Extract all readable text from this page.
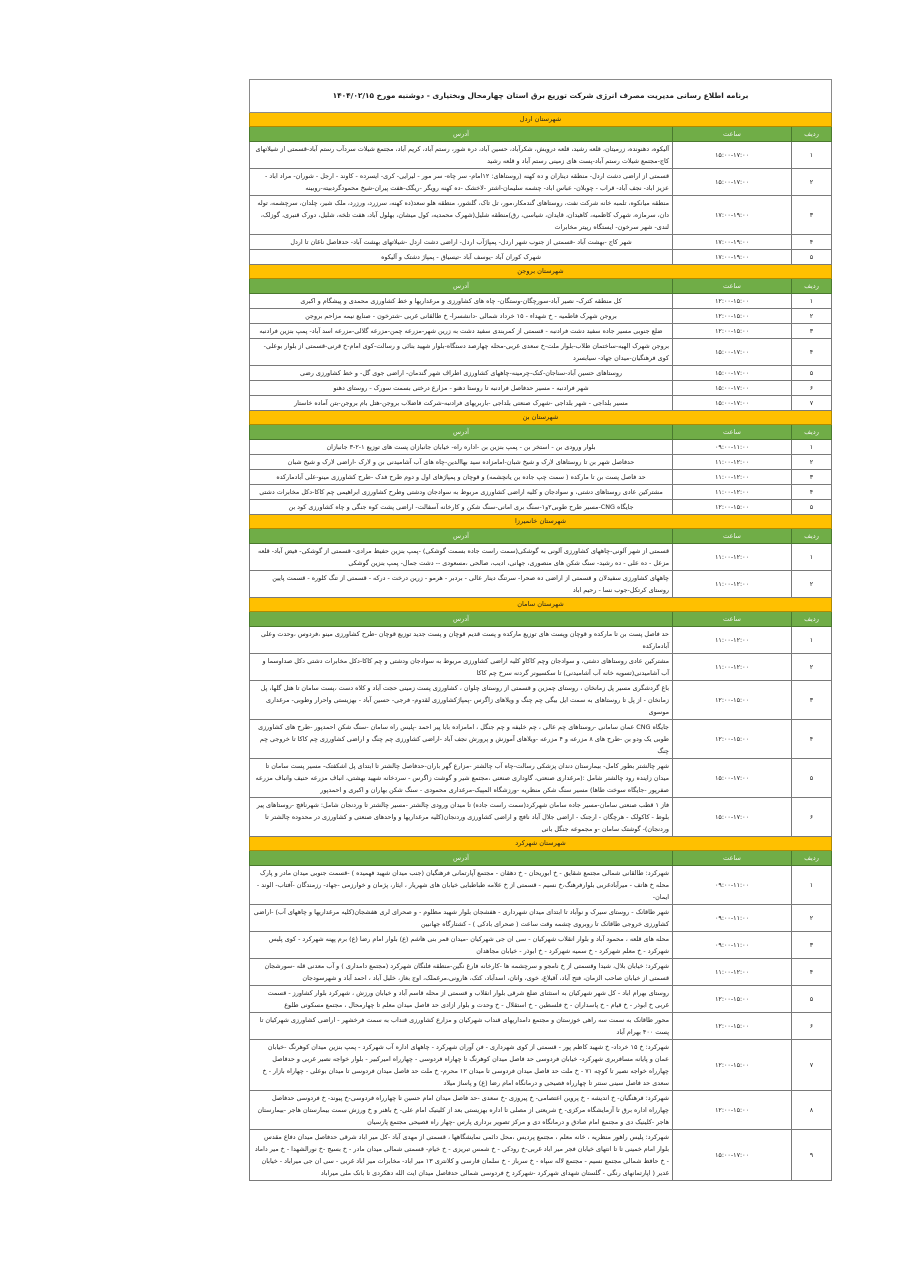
برنامه اطلاع رسانی مدیریت مصرف انرژی شرکت توزیع برق استان چهارمحال وبختیاری - دوشنبه مورخ ۱۴۰۴/۰۲/۱۵		
شهرستان اردل		
ردیف	ساعت	آدرس
۱	۱۵:۰۰-۱۷:۰۰	آلیکوه، دهنونده، زرمیتان، قلعه رشید، قلعه درویش، شکرآباد، حسین آباد، دره شور، رستم آباد، کریم آباد، مجتمع شیلات سردآب رستم آباد-قسمتی از شیلاتهای کاج-مجتمع شیلات رستم آباد-پست های زمینی رستم آباد و قلعه رشید
۲	۱۵:۰۰-۱۷:۰۰	قسمتی از اراضی دشت اردل- منطقه دیناران و ده کهنه (روستاهای: ۱۲امام- سر چاه- سر مور - لیرایی- کری- ایسرده - کاوند - ارجل - شوران- مراد اباد - عزیز اباد- نجف آباد- قراب - چوبلان- عباس اباد- چشمه سلیمان-اشتر -لاخشک -ده کهنه رویگر -ریگک-هفت پیران-شیخ محمودگردبیته-روبینه
۳	۱۷:۰۰-۱۹:۰۰	منطقه میانکوه، تلمبه خانه شرکت نفت، روستاهای گندمکار،مور، تل تاک، گلشور، منطقه هلو سعد(ده کهنه، سرزرد، ورزرد، ملک شیر، چلدان، سرچشمه، توله دان، سرمازه، شهرک کاظمیه، کاهیدان، قایدان، شیاسی، رق)منطقه شلیل(شهرک محمدیه، کول میشان، بهلول آباد، هفت تلخه، شلیل، دورک قنبری، گوزلک، لندی- شهر سرخون- ایستگاه رپیتر مخابرات
۴	۱۷:۰۰-۱۹:۰۰	شهر کاج -بهشت آباد -قسمتی از جنوب شهر اردل- پمپاژآب اردل- اراضی دشت اردل -شیلاتهای بهشت آباد- حدفاصل ناغان تا اردل
۵	۱۷:۰۰-۱۹:۰۰	شهرک کوران آباد -یوسف آباد -تیسیاق - پمپاژ دشتک و آلیکوه
شهرستان بروجن		
ردیف	ساعت	آدرس
۱	۱۲:۰۰-۱۵:۰۰	کل منطقه کترک- نصیر آباد-سورچگان-وستگان- چاه های کشاورزی و مرغداریها و خط کشاورزی محمدی و پیشگام و اکبری
۲	۱۲:۰۰-۱۵:۰۰	بروجن شهرک فاطمیه - خ شهداء - ۱۵ خرداد شمالی -دانشسرا- خ طالقانی غربی -شترخون - صنایع نیمه مزاحم بروجن
۳	۱۲:۰۰-۱۵:۰۰	ضلع جنوبی مسیر جاده سفید دشت فرادنبه - قسمتی از کمربندی سفید دشت به زرین شهر-مزرعه چمن-مزرعه گلالی-مزرعه اسد آباد- پمپ بنزین فرادنبه
۴	۱۵:۰۰-۱۷:۰۰	بروجن شهرک الهیه-ساختمان طلاب-بلوار ملت-خ سعدی غربی-محله چهارصد دستگاه-بلوار شهید بنائی و رسالت-کوی امام-خ قرنی-قسمتی از بلوار بوعلی- کوی فرهنگیان-میدان جهاد- سیابسرد
۵	۱۵:۰۰-۱۷:۰۰	روستاهای حسین آباد-سناجان-کنک-چرمینه-چاههای کشاورزی اطراف شهر گندمان- اراضی جوی گل- و خط کشاورزی رضی
۶	۱۵:۰۰-۱۷:۰۰	شهر فرادنبه - مسیر حدفاصل فرادنبه تا روستا دهنو - مزارع درختی بسمت سورک - روستای دهنو
۷	۱۵:۰۰-۱۷:۰۰	مسیر بلداجی - شهر بلداجی -شهرک صنعتی بلداجی -باربریهای فرادنبه-شرکت فاضلاب بروجن-هتل بام بروجن-بتن آماده خاستار
شهرستان بن		
ردیف	ساعت	آدرس
۱	۰۹:۰۰-۱۱:۰۰	بلوار ورودی بن - استخر بن - پمپ بنزین بن -اداره راه- خیابان جانبازان پست های توزیع ۱-۲-۳ جانبازان
۲	۱۱:۰۰-۱۲:۰۰	حدفاصل شهر بن تا روستاهای لارک و شیخ شبان-امامزاده سید بهاالدین-چاه های آب آشامیدنی بن و لارک -اراضی لارک و شیخ شبان
۳	۱۱:۰۰-۱۲:۰۰	حد فاصل پست بن تا مارکده ( سمت چپ جاده بن یانچشمه) و قوچان و پمپاژهای اول و دوم طرح فدک -طرح کشاورزی مینو-علی آبادمارکده
۴	۱۱:۰۰-۱۲:۰۰	مشترکین عادی روستاهای دشتی، و سوادجان و کلیه اراضی کشاورزی مربوط به سوادجان ودشتی وطرح کشاورزی ابراهیمی چم کاکا-دکل مخابرات دشتی
۵	۱۲:۰۰-۱۵:۰۰	جایگاه CNG-مسیر طرح طوبی۲و۱-سنگ بری امانی-سنگ شکن و کارخانه آسفالت- اراضی پشت کوه جنگی و چاه کشاورزی کود بن
شهرستان خانمیرزا		
ردیف	ساعت	آدرس
۱	۱۱:۰۰-۱۲:۰۰	قسمتی از شهر آلونی-چاههای کشاورزی آلونی به گوشکی(سمت راست جاده بسمت گوشکی) -پمپ بنزین حفیظ مرادی- قسمتی از گوشکی- فیض آباد- قلعه مزعل - ده علی - ده رشید- سنگ شکن های منصوری، جهانی، ادیب، صالحی ،مسعودی -- دشت جمال- پمپ بنزین گوشکی
۲	۱۱:۰۰-۱۲:۰۰	چاههای کشاورزی سفیدلان و قسمتی از اراضی ده صحرا- سرتنگ دینار عالی - بردبر - هرمو - زرین درخت - درکه - قسمتی از تنگ کلوره - قسمت پایین روستای کرتکل-جوب نسا - رحیم اباد
شهرستان سامان		
ردیف	ساعت	آدرس
۱	۱۱:۰۰-۱۲:۰۰	حد فاصل پست بن تا مارکده و قوچان وپست های توزیع مارکده و پست قدیم قوچان و پست جدید توزیع قوچان -طرح کشاورزی مینو ،فردوس ،وحدت وعلی آبادمارکده
۲	۱۱:۰۰-۱۲:۰۰	مشترکین عادی روستاهای دشتی، و سوادجان وچم کاکاو کلیه اراضی کشاورزی مربوط به سوادجان ودشتی و چم کاکا-دکل مخابرات دشتی دکل صداوسما و آب آشامیدنی(تسویه خانه آب آشامیدنی) تا سکسیونر گردنه سرخ چم کاکا
۳	۱۲:۰۰-۱۵:۰۰	باغ گردشگری مسیر پل زمانخان ، روستای چمزین و قسمتی از روستای چلوان ، کشاورزی پست زمینی حجت آباد و کلاه دست ،پست سامان تا هتل گلها، پل زمانخان - از پل تا روستاهای به سمت ایل بیگی چم چنگ و ویلاهای زاگرس -پمپاژکشاورزی لقدوم- فرجی- حسین آباد - بهزیستی واحرار وطوبی- مرغداری موسوی
۴	۱۲:۰۰-۱۵:۰۰	جایگاه CNG عمان سامانی -روستاهای چم عالی ، چم خلیفه و چم جنگل ، امامزاده بابا پیر احمد -پلیس راه سامان -سنگ شکن احمدپور -طرح های کشاورزی طوبی یک ودو بن -طرح های ۸ مزرعه و ۴ مزرعه -ویلاهای آموزش و پرورش نجف آباد -اراضی کشاورزی چم چنگ و اراضی کشاورزی چم کاکا تا خروجی چم چنگ
۵	۱۵:۰۰-۱۷:۰۰	شهر چالشتر بطور کامل- بیمارستان دندان پزشکی رسالت-چاه آب چالشتر -مزارع گهر باران-حدفاصل چالشتر تا ابتدای پل اشکفتک- مسیر پست سامان تا میدان زاینده رود چالشتر شامل :(مرغداری صنعتی، گاوداری صنعتی ،مجتمع شیر و گوشت زاگرس - سردخانه شهید بهشتی، انباف مزرعه حنیف وانباف مزرعه صفرپور -جایگاه سوخت طاها) مسیر سنگ شکن منظریه -ورزشگاه المپیک-مرغداری محمودی - سنگ شکن بهاران و اکبری و احمدپور
۶	۱۵:۰۰-۱۷:۰۰	فاز ۱ قطب صنعتی سامان-مسیر جاده سامان شهرکرد(سمت راست جاده) تا میدان ورودی چالشتر -مسیر چالشتر تا وردنجان شامل: شهرنافچ -روستاهای پیر بلوط - کاکولک - هرچگان - ارجنک - اراضی جلال آباد نافچ و اراضی کشاورزی وردنجان(کلیه مرغداریها و واحدهای صنعتی و کشاورزی در محدوده چالشتر تا وردنجان)- گوشتک سامان -و مجموعه جنگل بانی
شهرستان شهرکرد		
ردیف	ساعت	آدرس
۱	۰۹:۰۰-۱۱:۰۰	شهرکرد: طالقانی شمالی مجتمع شقایق - خ ابوریحان - خ دهقان - مجتمع آپارتمانی فرهنگیان (جنب میدان شهید فهمیده ) -قسمت جنوبی میدان مادر و پارک محله خ هاتف - میرآبادغربی بلوارفرهنگ،خ نسیم - قسمتی از خ علامه طباطبایی خیابان های شهریار ، ایثار، پژمان و خوارزمی -جهاد- رزمندگان -آفتاب- الوند - ایمان-
۲	۰۹:۰۰-۱۱:۰۰	شهر طاقانک - روستای سیرک و نوآباد تا ابتدای میدان شهرداری - هفشجان بلوار شهید مظلوم - و صحرای لری هفشجان(کلیه مرغداریها و چاههای آب) -اراضی کشاورزی خروجی طاقانک تا روبروی چشمه وقت ساعت ( صحرای بادکی ) - کشتارگاه جهانبین
۳	۰۹:۰۰-۱۱:۰۰	محله های قلعه ، محمود آباد و بلوار انقلاب شهرکیان - سی ان جی شهرکیان -میدان قمر بنی هاشم (ع) بلوار امام رضا (ع) برم پهنه شهرکرد - کوی پلیس شهرکرد - خ معلم شهرکرد - خ سمیه شهرکرد - خ ابوذر - خیابان مجاهدان
۴	۱۱:۰۰-۱۲:۰۰	شهرکرد: خیابان بلال، شیدا وقسمتی از خ نامجو و سرچشمه ها -کارخانه فارغ نگین-منطقه فلنگان شهرکرد (مجتمع دامداری ) و آب معدنی قله -سورشجان قسمتی از خیابان صاحب الزمان، فتح آباد، آقبلاغ، خوی، وانان، اسدآباد، کتک، هارونی،مرغملک، اوج بغاز، خلیل آباد ، احمد آباد و شهرسودجان
۵	۱۲:۰۰-۱۵:۰۰	روستای بهرام اباد - کل شهر شهرکیان به استثنای ضلع شرقی بلوار انقلاب و قسمتی از محله قاسم آباد و خیابان ورزش ، شهرکرد بلوار کشاورز - قسمت غربی خ ابوذر - خ قیام - خ پاسداران - خ فلسطین - خ استقلال - خ وحدت و بلوار ازادی حد فاصل میدان معلم تا چهارمحال ، مجتمع مسکونی طلوع
۶	۱۲:۰۰-۱۵:۰۰	محور طاقانک به سمت سه راهی خوزستان و مجتمع دامداریهای قنداب شهرکیان و مزارع کشاورزی قنداب به سمت فرخشهر - اراضی کشاورزی شهرکیان تا پست ۴۰۰ بهرام آباد
۷	۱۲:۰۰-۱۵:۰۰	شهرکرد: خ ۱۵ خرداد- خ شهید کاظم پور - قسمتی از کوی شهرداری - فن آوران شهرکرد - چاههای اداره آب شهرکرد - پمپ بنزین میدان کوهرنگ -خیابان عمان و پایانه مسافربری شهرکرد- خیابان فردوسی حد فاصل میدان کوهرنگ تا چهاراه فردوسی - چهارراه امیرکبیر - بلوار خواجه نصیر غربی و حدفاصل چهارراه خواجه نصیر تا کوچه ۷۱ - خ ملت حد فاصل میدان فردوسی تا میدان ۱۲ محرم- خ ملت حد فاصل میدان فردوسی تا میدان بوعلی - چهاراه بازار - خ سعدی حد فاصل سینی سنتر تا چهارراه فصیحی و درمانگاه امام رضا (ع) و پاساژ میلاد
۸	۱۲:۰۰-۱۵:۰۰	شهرکرد: فرهنگیان- خ اندیشه - خ پروین اعتصامی- خ پیروزی -خ سعدی -حد فاصل میدان امام حسین تا چهارراه فردوسی-خ پیوند- خ فردوسی حدفاصل چهارراه اداره برق تا آزمایشگاه مرکزی- خ شریعتی از مصلی تا اداره بهزیستی بعد از کلینیک امام علی- خ باهنر و خ ورزش سمت بیمارستان هاجر -بیمارستان هاجر -کلینیک دی و مجتمع امام صادق و درمانگاه دی و مرکز تصویر برداری پارس -چهار راه فصیحی مجتمع پارسیان
۹	۱۵:۰۰-۱۷:۰۰	شهرکرد: پلیس راهور منظریه ، خانه معلم ، مجتمع پردیس ،محل دائمی نمایشگاهها ، قسمتی از مهدی آباد -کل میر اباد شرقی حدفاصل میدان دفاع مقدس بلوار امام خمینی تا تا انتهای خیابان فجر میر اباد غربی-خ رودکی - خ شمس تبریزی - خ خیام- قسمتی شمالی میدان مادر - خ بسیج -خ نورالشهدا - خ میر داماد - خ حافظ شمالی مجتمع نسیم - مجتمع لاله سپاه - خ سرباز - خ سلمان فارسی و کلانتری ۱۳ میر اباد- مخابرات میر اباد غربی - سی ان جی میراباد - خیابان غدیر ( اپارتمانهای رنگی - گلستان شهدای شهرکرد -شهرکرد خ فردوسی شمالی حدفاصل میدان ایت الله دهکردی تا بانک ملی میراباد
